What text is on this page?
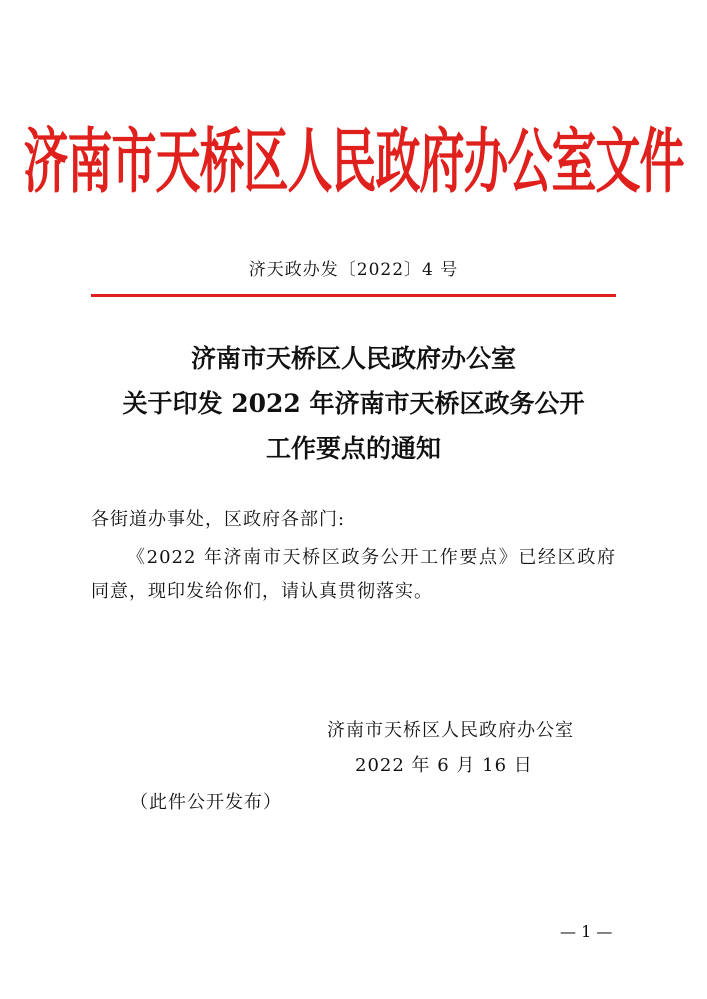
济南市天桥区人民政府办公室文件
济天政办发〔2022〕4 号
济南市天桥区人民政府办公室
关于印发 2022 年济南市天桥区政务公开
工作要点的通知
各街道办事处，区政府各部门:
《2022 年济南市天桥区政务公开工作要点》已经区政府同意，现印发给你们，请认真贯彻落实。
济南市天桥区人民政府办公室
2022 年 6 月 16 日
（此件公开发布）
— 1 —
